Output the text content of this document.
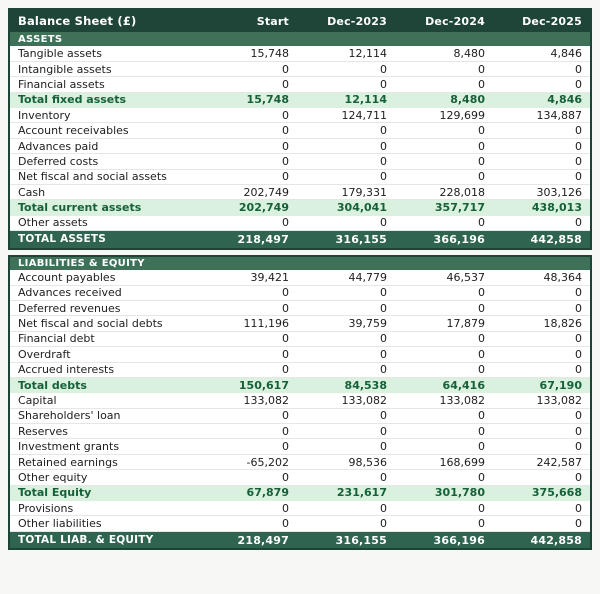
Balance Sheet (£)	Start	Dec-2023	Dec-2024	Dec-2025
ASSETS				
Tangible assets	15,748	12,114	8,480	4,846
Intangible assets	0	0	0	0
Financial assets	0	0	0	0
Total fixed assets	15,748	12,114	8,480	4,846
Inventory	0	124,711	129,699	134,887
Account receivables	0	0	0	0
Advances paid	0	0	0	0
Deferred costs	0	0	0	0
Net fiscal and social assets	0	0	0	0
Cash	202,749	179,331	228,018	303,126
Total current assets	202,749	304,041	357,717	438,013
Other assets	0	0	0	0
TOTAL ASSETS	218,497	316,155	366,196	442,858
LIABILITIES & EQUITY				
Account payables	39,421	44,779	46,537	48,364
Advances received	0	0	0	0
Deferred revenues	0	0	0	0
Net fiscal and social debts	111,196	39,759	17,879	18,826
Financial debt	0	0	0	0
Overdraft	0	0	0	0
Accrued interests	0	0	0	0
Total debts	150,617	84,538	64,416	67,190
Capital	133,082	133,082	133,082	133,082
Shareholders' loan	0	0	0	0
Reserves	0	0	0	0
Investment grants	0	0	0	0
Retained earnings	-65,202	98,536	168,699	242,587
Other equity	0	0	0	0
Total Equity	67,879	231,617	301,780	375,668
Provisions	0	0	0	0
Other liabilities	0	0	0	0
TOTAL LIAB. & EQUITY	218,497	316,155	366,196	442,858
